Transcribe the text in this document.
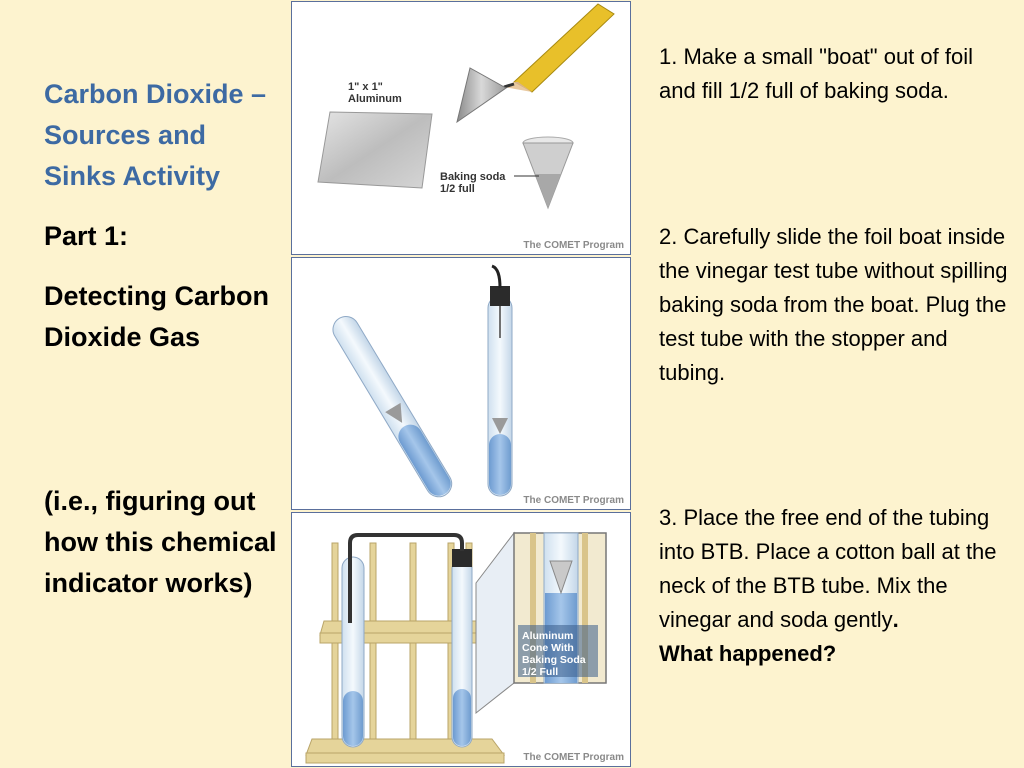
Carbon Dioxide – Sources and Sinks Activity

Part 1:

Detecting Carbon Dioxide Gas

(i.e., figuring out how this chemical indicator works)

1" x 1"
Aluminum
Baking soda
1/2 full
The COMET Program
The COMET Program
Aluminum
Cone With
Baking Soda
1/2 Full
The COMET Program

1. Make a small "boat" out of foil and fill 1/2 full of baking soda.

2. Carefully slide the foil boat inside the vinegar test tube without spilling baking soda from the boat. Plug the test tube with the stopper and tubing.

3. Place the free end of the tubing into BTB. Place a cotton ball at the neck of the BTB tube. Mix the vinegar and soda gently.
What happened?
